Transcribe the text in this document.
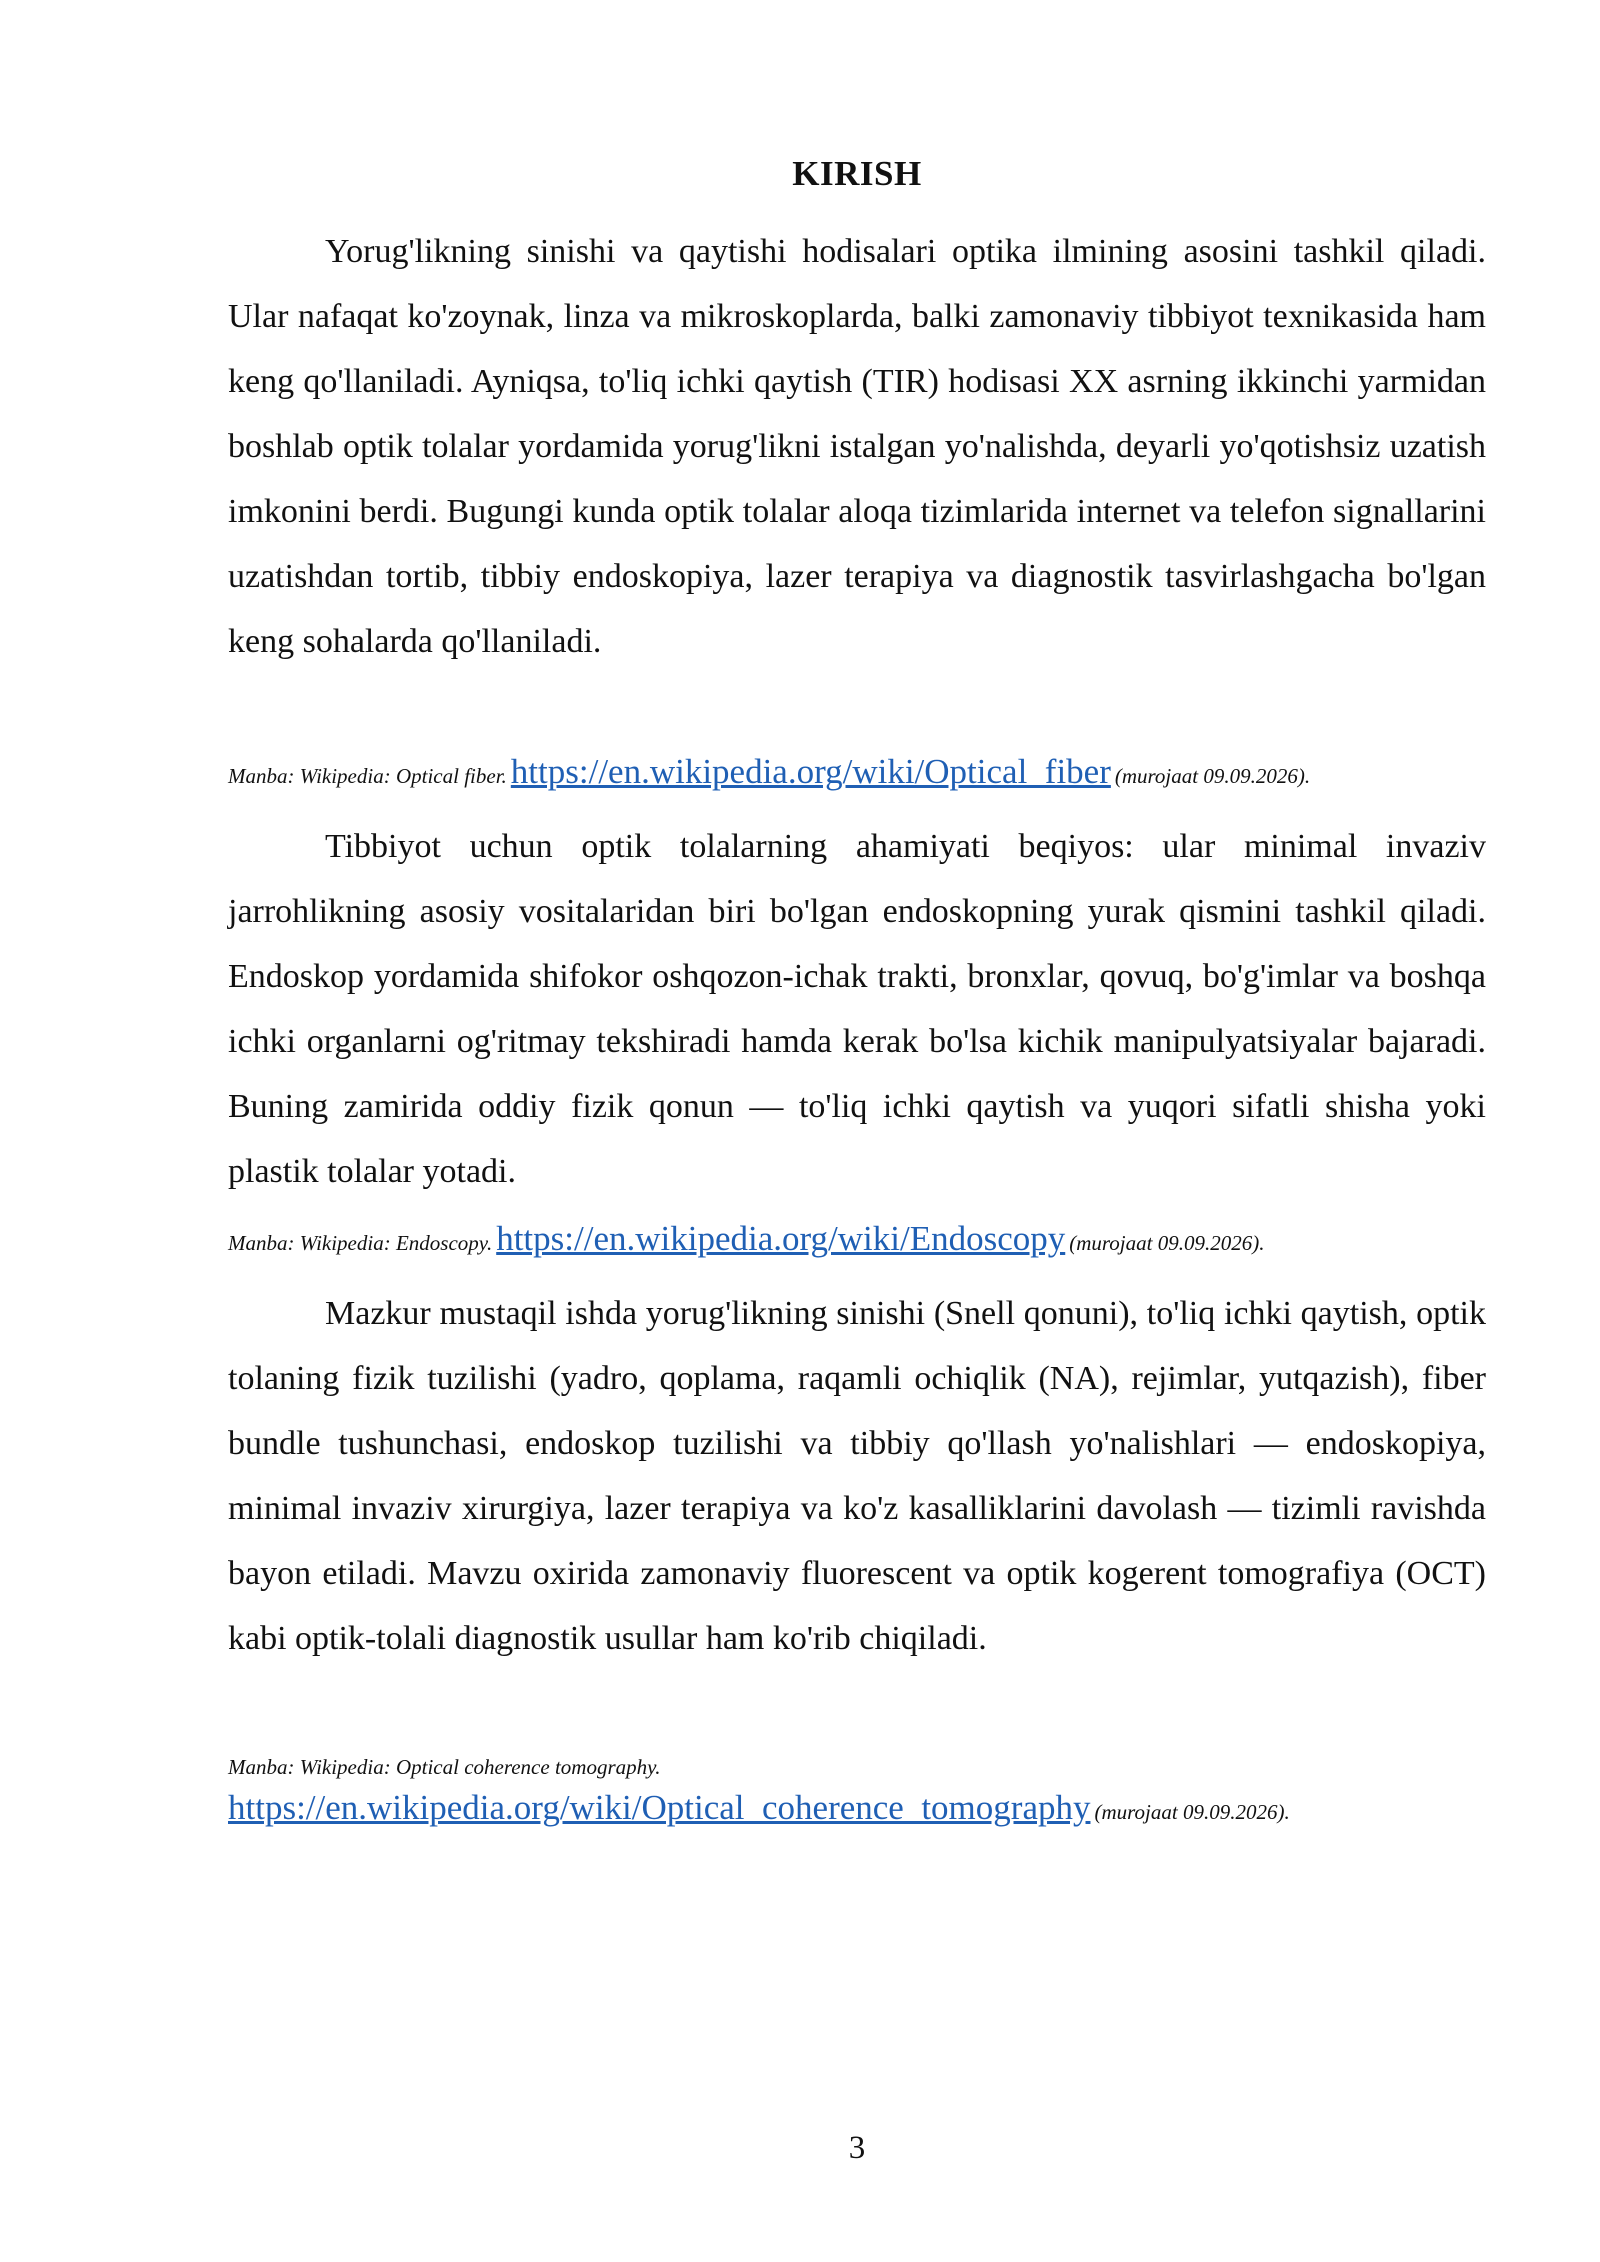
KIRISH

Yorug'likning sinishi va qaytishi hodisalari optika ilmining asosini tashkil qiladi. Ular nafaqat ko'zoynak, linza va mikroskoplarda, balki zamonaviy tibbiyot texnikasida ham keng qo'llaniladi. Ayniqsa, to'liq ichki qaytish (TIR) hodisasi XX asrning ikkinchi yarmidan boshlab optik tolalar yordamida yorug'likni istalgan yo'nalishda, deyarli yo'qotishsiz uzatish imkonini berdi. Bugungi kunda optik tolalar aloqa tizimlarida internet va telefon signallarini uzatishdan tortib, tibbiy endoskopiya, lazer terapiya va diagnostik tasvirlashgacha bo'lgan keng sohalarda qo'llaniladi.

Manba: Wikipedia: Optical fiber. https://en.wikipedia.org/wiki/Optical_fiber (murojaat 09.09.2026).

Tibbiyot uchun optik tolalarning ahamiyati beqiyos: ular minimal invaziv jarrohlikning asosiy vositalaridan biri bo'lgan endoskopning yurak qismini tashkil qiladi. Endoskop yordamida shifokor oshqozon-ichak trakti, bronxlar, qovuq, bo'g'imlar va boshqa ichki organlarni og'ritmay tekshiradi hamda kerak bo'lsa kichik manipulyatsiyalar bajaradi. Buning zamirida oddiy fizik qonun — to'liq ichki qaytish va yuqori sifatli shisha yoki plastik tolalar yotadi.

Manba: Wikipedia: Endoscopy. https://en.wikipedia.org/wiki/Endoscopy (murojaat 09.09.2026).

Mazkur mustaqil ishda yorug'likning sinishi (Snell qonuni), to'liq ichki qaytish, optik tolaning fizik tuzilishi (yadro, qoplama, raqamli ochiqlik (NA), rejimlar, yutqazish), fiber bundle tushunchasi, endoskop tuzilishi va tibbiy qo'llash yo'nalishlari — endoskopiya, minimal invaziv xirurgiya, lazer terapiya va ko'z kasalliklarini davolash — tizimli ravishda bayon etiladi. Mavzu oxirida zamonaviy fluorescent va optik kogerent tomografiya (OCT) kabi optik-tolali diagnostik usullar ham ko'rib chiqiladi.

Manba: Wikipedia: Optical coherence tomography.
https://en.wikipedia.org/wiki/Optical_coherence_tomography (murojaat 09.09.2026).

3
